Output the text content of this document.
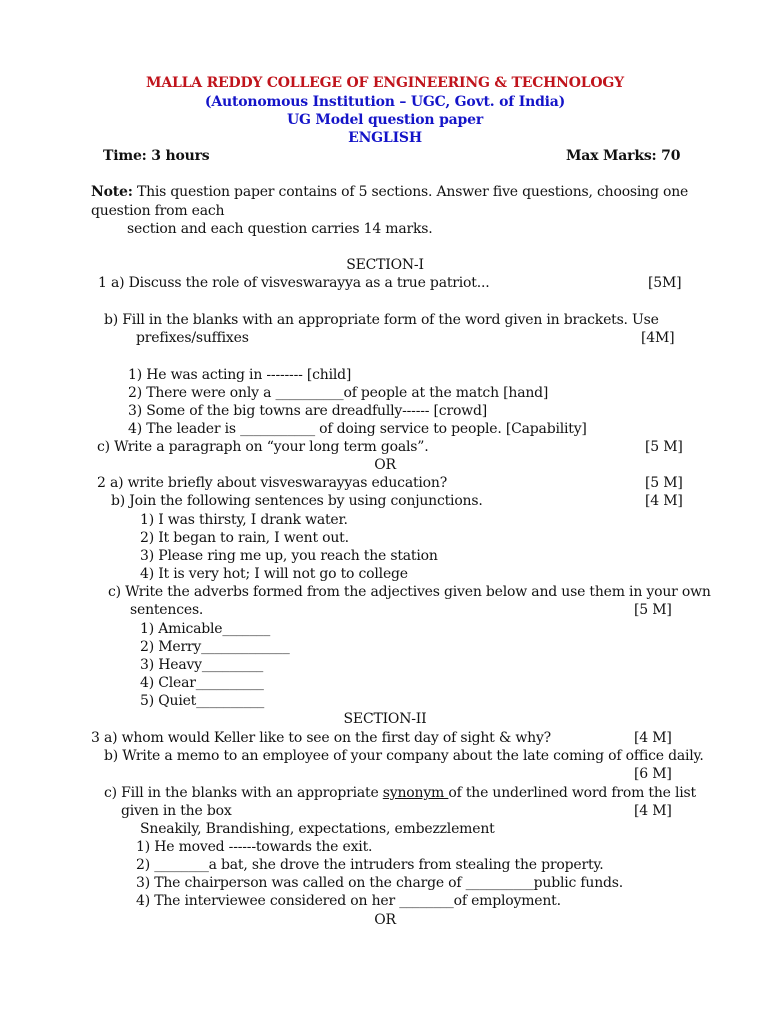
MALLA REDDY COLLEGE OF ENGINEERING & TECHNOLOGY
(Autonomous Institution – UGC, Govt. of India)
UG Model question paper
ENGLISH
Time: 3 hours	Max Marks: 70
Note: This question paper contains of 5 sections. Answer five questions, choosing one
question from each
section and each question carries 14 marks.
SECTION-I
1 a) Discuss the role of visveswarayya as a true patriot...	[5M]
b) Fill in the blanks with an appropriate form of the word given in brackets. Use
prefixes/suffixes	[4M]
1) He was acting in -------- [child]
2) There were only a __________of people at the match [hand]
3) Some of the big towns are dreadfully------ [crowd]
4) The leader is ___________ of doing service to people. [Capability]
c) Write a paragraph on “your long term goals”.	[5 M]
OR
2 a) write briefly about visveswarayyas education?	[5 M]
b) Join the following sentences by using conjunctions.	[4 M]
1) I was thirsty, I drank water.
2) It began to rain, I went out.
3) Please ring me up, you reach the station
4) It is very hot; I will not go to college
c) Write the adverbs formed from the adjectives given below and use them in your own
sentences.	[5 M]
1) Amicable_______
2) Merry_____________
3) Heavy_________
4) Clear__________
5) Quiet__________
SECTION-II
3 a) whom would Keller like to see on the first day of sight & why?	[4 M]
b) Write a memo to an employee of your company about the late coming of office daily.
[6 M]
c) Fill in the blanks with an appropriate synonym of the underlined word from the list
given in the box	[4 M]
Sneakily, Brandishing, expectations, embezzlement
1) He moved ------towards the exit.
2) ________a bat, she drove the intruders from stealing the property.
3) The chairperson was called on the charge of __________public funds.
4) The interviewee considered on her ________of employment.
OR
